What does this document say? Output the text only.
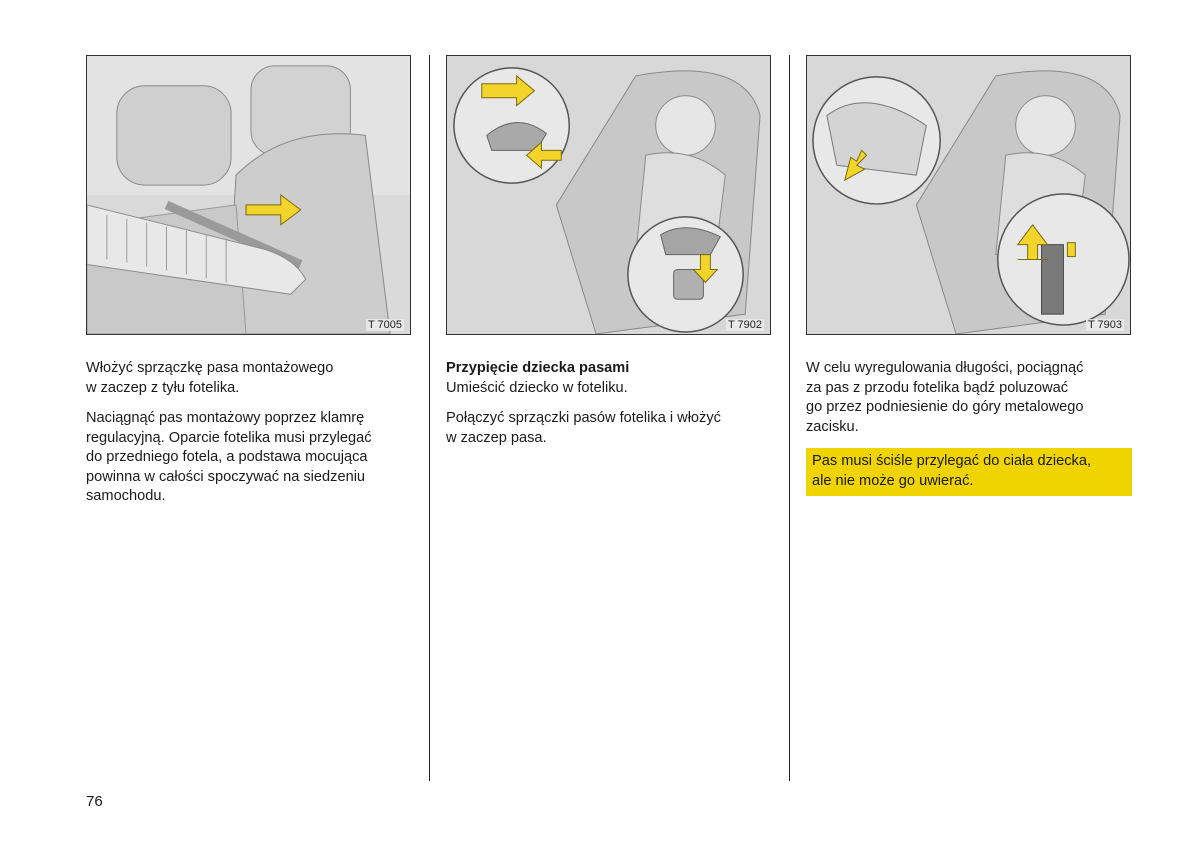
T 7005

Włożyć sprzączkę pasa montażowego
w zaczep z tyłu fotelika.

Naciągnąć pas montażowy poprzez klamrę
regulacyjną. Oparcie fotelika musi przylegać
do przedniego fotela, a podstawa mocująca
powinna w całości spoczywać na siedzeniu
samochodu.

T 7902

Przypięcie dziecka pasami
Umieścić dziecko w foteliku.

Połączyć sprzączki pasów fotelika i włożyć
w zaczep pasa.

T 7903

W celu wyregulowania długości, pociągnąć
za pas z przodu fotelika bądź poluzować
go przez podniesienie do góry metalowego
zacisku.

Pas musi ściśle przylegać do ciała dziecka,
ale nie może go uwierać.
76
